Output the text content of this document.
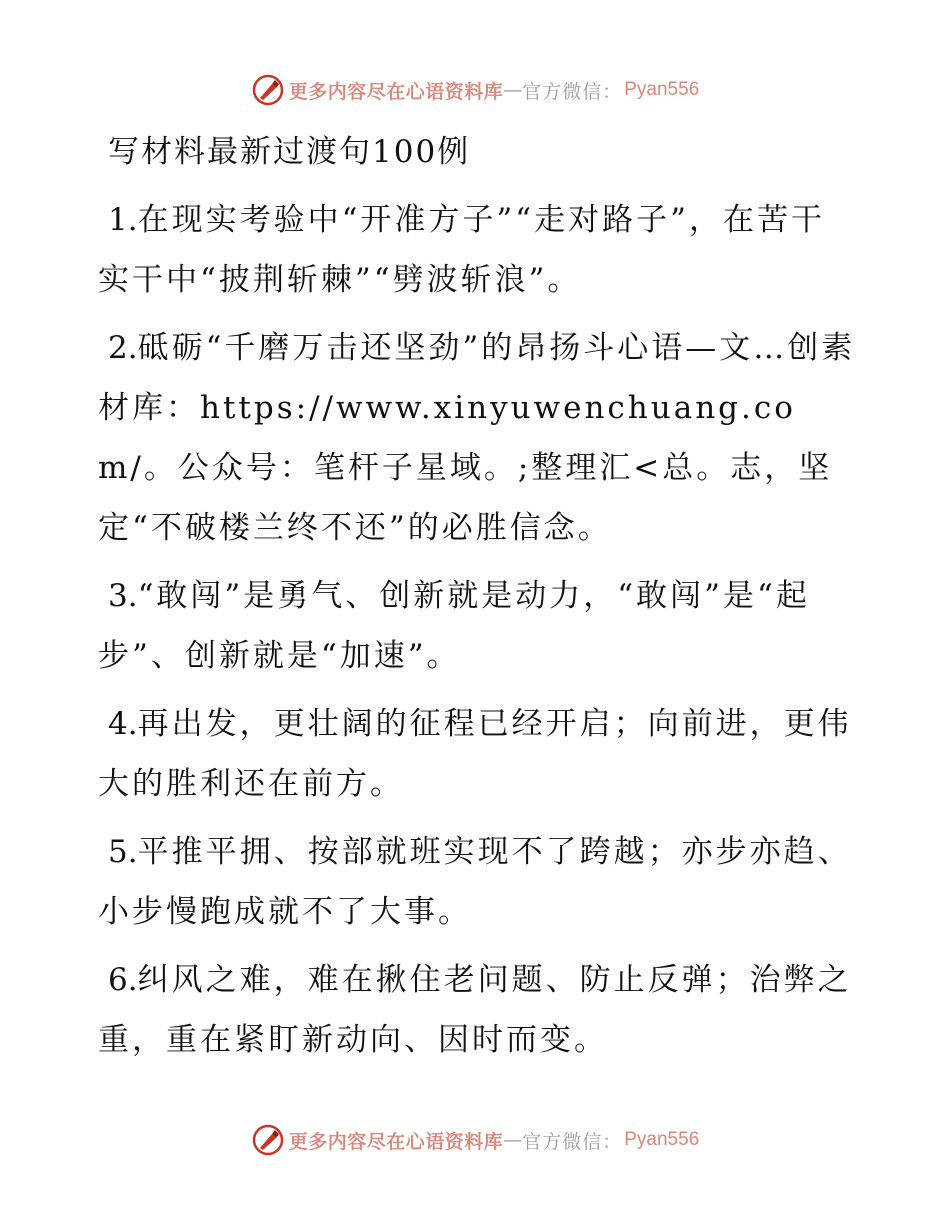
更多内容尽在心语资料库 — 官方微信： Pyan556
写材料最新过渡句100例

1.在现实考验中“开准方子”“走对路子”，在苦干实干中“披荆斩棘”“劈波斩浪”。

2.砥砺“千磨万击还坚劲”的昂扬斗心语—文…创素材库：https://www.xinyuwenchuang.com/。公众号：笔杆子星域。;整理汇<总。志，坚定“不破楼兰终不还”的必胜信念。

3.“敢闯”是勇气、创新就是动力，“敢闯”是“起步”、创新就是“加速”。

4.再出发，更壮阔的征程已经开启；向前进，更伟大的胜利还在前方。

5.平推平拥、按部就班实现不了跨越；亦步亦趋、小步慢跑成就不了大事。

6.纠风之难，难在揪住老问题、防止反弹；治弊之重，重在紧盯新动向、因时而变。

更多内容尽在心语资料库 — 官方微信： Pyan556
